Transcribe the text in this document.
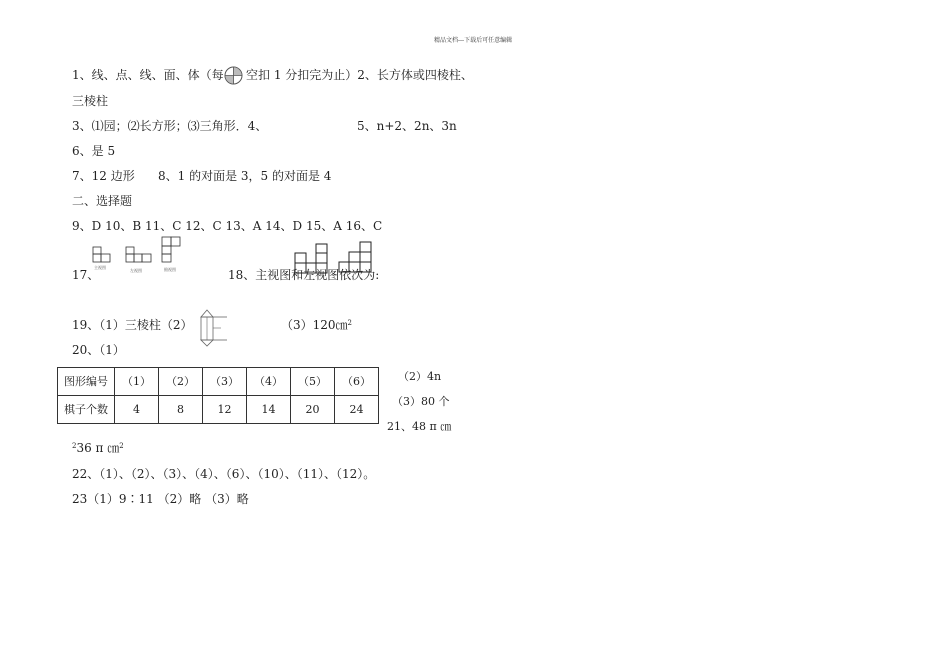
精品文档---下载后可任意编辑
1、线、点、线、面、体（每 空扣 1 分扣完为止）2、长方体或四棱柱、
三棱柱
3、⑴园；⑵长方形；⑶三角形．4、	5、n+2、2n、3n
6、是 5
7、12 边形 8、1 的对面是 3，5 的对面是 4
二、选择题
9、D 10、B 11、C 12、C 13、A 14、D 15、A 16、C
主视图
左视图	俯视图
17、	18、主视图和左视图依次为:
19、（1）三棱柱（2）	（3）120㎝$^2$
20、（1）
图形编号	（1）	（2）	（3）	（4）	（5）	（6）
棋子个数	4	8	12	14	20	24
（2）4n
（3）80 个
21、48 π ㎝
$^2$36 π ㎝$^2$
22、（1）、（2）、（3）、（4）、（6）、（10）、（11）、（12）。
23（1）9∶11 （2）略 （3）略
